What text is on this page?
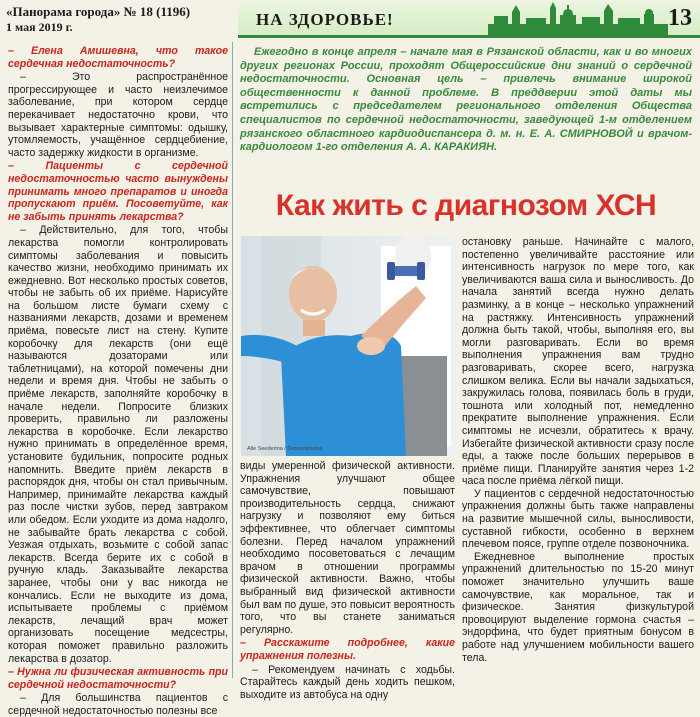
«Панорама города» № 18 (1196)
1 мая 2019 г.	НА ЗДОРОВЬЕ!	13

– Елена Амишевна, что такое сердечная недостаточность?

– Это распространённое прогрессирующее и часто неизлечимое заболевание, при котором сердце перекачивает недостаточно крови, что вызывает характерные симптомы: одышку, утомляемость, учащённое сердцебиение, часто задержку жидкости в организме.

– Пациенты с сердечной недостаточностью часто вынуждены принимать много препаратов и иногда пропускают приём. Посоветуйте, как не забыть принять лекарства?

– Действительно, для того, чтобы лекарства помогли контролировать симптомы заболевания и повысить качество жизни, необходимо принимать их ежедневно. Вот несколько простых советов, чтобы не забыть об их приёме. Нарисуйте на большом листе бумаги схему с названиями лекарств, дозами и временем приёма, повесьте лист на стену. Купите коробочку для лекарств (они ещё называются дозаторами или таблетницами), на которой помечены дни недели и время дня. Чтобы не забыть о приёме лекарств, заполняйте коробочку в начале недели. Попросите близких проверить, правильно ли разложены лекарства в коробочке. Если лекарство нужно принимать в определённое время, установите будильник, попросите родных напомнить. Введите приём лекарств в распорядок дня, чтобы он стал привычным. Например, принимайте лекарства каждый раз после чистки зубов, перед завтраком или обедом. Если уходите из дома надолго, не забывайте брать лекарства с собой. Уезжая отдыхать, возьмите с собой запас лекарств. Всегда берите их с собой в ручную кладь. Заказывайте лекарства заранее, чтобы они у вас никогда не кончались. Если не выходите из дома, испытываете проблемы с приёмом лекарств, лечащий врач может организовать посещение медсестры, которая поможет правильно разложить лекарства в дозатор.

– Нужна ли физическая активность при сердечной недостаточности?

– Для большинства пациентов с сердечной недостаточностью полезны все

Ежегодно в конце апреля – начале мая в Рязанской области, как и во многих других регионах России, проходят Общероссийские дни знаний о сердечной недостаточности. Основная цель – привлечь внимание широкой общественности к данной проблеме. В преддверии этой даты мы встретились с председателем регионального отделения Общества специалистов по сердечной недостаточности, заведующей 1-м отделением рязанского областного кардиодиспансера д. м. н. Е. А. СМИРНОВОЙ и врачом-кардиологом 1-го отделения А. А. КАРАКИЯН.
Как жить с диагнозом ХСН
Alle Seederina / Depositphotos

виды умеренной физической активности. Упражнения улучшают общее самочувствие, повышают производительность сердца, снижают нагрузку и позволяют ему биться эффективнее, что облегчает симптомы болезни. Перед началом упражнений необходимо посоветоваться с лечащим врачом в отношении программы физической активности. Важно, чтобы выбранный вид физической активности был вам по душе, это повысит вероятность того, что вы станете заниматься регулярно.

– Расскажите подробнее, какие упражнения полезны.

– Рекомендуем начинать с ходьбы. Старайтесь каждый день ходить пешком, выходите из автобуса на одну

остановку раньше. Начинайте с малого, постепенно увеличивайте расстояние или интенсивность нагрузок по мере того, как увеличиваются ваша сила и выносливость. До начала занятий всегда нужно делать разминку, а в конце – несколько упражнений на растяжку. Интенсивность упражнений должна быть такой, чтобы, выполняя его, вы могли разговаривать. Если во время выполнения упражнения вам трудно разговаривать, скорее всего, нагрузка слишком велика. Если вы начали задыхаться, закружилась голова, появилась боль в груди, тошнота или холодный пот, немедленно прекратите выполнение упражнения. Если симптомы не исчезли, обратитесь к врачу. Избегайте физической активности сразу после еды, а также после больших перерывов в приёме пищи. Планируйте занятия через 1-2 часа после приёма лёгкой пищи.

У пациентов с сердечной недостаточностью упражнения должны быть также направлены на развитие мышечной силы, выносливости, суставной гибкости, особенно в верхнем плечевом поясе, группе отделе позвоночника.

Ежедневное выполнение простых упражнений длительностью по 15-20 минут поможет значительно улучшить ваше самочувствие, как моральное, так и физическое. Занятия физкультурой провоцируют выделение гормона счастья – эндорфина, что будет приятным бонусом в работе над улучшением мобильности вашего тела.
